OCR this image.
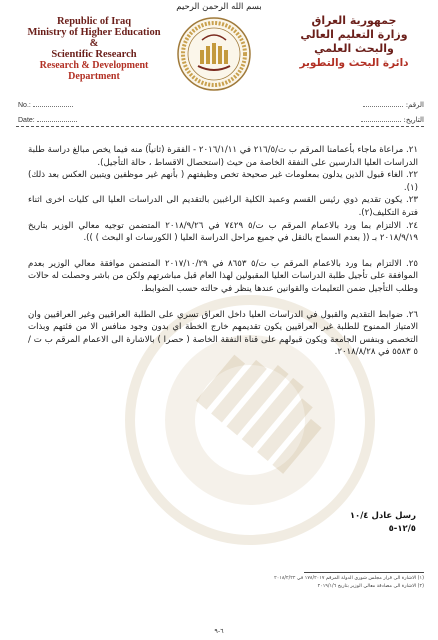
بسم الله الرحمن الرحيم
Republic of Iraq
Ministry of Higher Education &
Scientific Research
Research & Development
Department
جمهورية العراق
وزارة التعليم العالي والبحث العلمي
دائرة البحث والتطوير
No.:
Date:
الرقم:
التاريخ:

٢١. مراعاة ماجاء بأعمامنا المرقم ب ت/٢١٦/٥ في ٢٠١٦/١/١١ - الفقرة (ثانياً) منه فيما يخص مبالغ دراسة طلبة الدراسات العليا الدارسين على النفقة الخاصة من حيث (استحصال الاقساط ، حالة التأجيل).

٢٢. الغاء قبول الذين يدلون بمعلومات غير صحيحة تخص وظيفتهم ( بأنهم غير موظفين ويتبين العكس بعد ذلك)(١).

٢٣. يكون تقديم ذوي رئيس القسم وعميد الكلية الراغبين بالتقديم الى الدراسات العليا الى كليات اخرى اثناء فترة التكليف(٢).

٢٤. الالتزام بما ورد بالاعمام المرقم ب ت/٥ ٧٤٢٩ في ٢٠١٨/٩/٢٦ المتضمن توجيه معالي الوزير بتاريخ ٢٠١٨/٩/١٩ بـ (( بعدم السماح بالنقل في جميع مراحل الدراسة العليا ( الكورسات او البحث ) )).

٢٥. الالتزام بما ورد بالاعمام المرقم ب ت/٥ ٨٦٥٣ في ٢٠١٧/١٠/٢٩ المتضمن موافقة معالي الوزير بعدم الموافقة على تأجيل طلبة الدراسات العليا المقبولين لهذا العام قبل مباشرتهم ولكن من باشر وحصلت له حالات وطلب التأجيل ضمن التعليمات والقوانين عندها ينظر في حالته حسب الضوابط.

٢٦. ضوابط التقديم والقبول في الدراسات العليا داخل العراق تسري على الطلبة العراقيين وغير العراقيين وان الامتياز الممنوح للطلبة غير العراقيين يكون تقديمهم خارج الخطة اي بدون وجود منافس الا من فئتهم وبذات التخصص وبنفس الجامعة ويكون قبولهم على قناة النفقة الخاصة ( حصرا ) بالاشارة الى الاعمام المرقم ب ت /٥ ٥٥٨٣ في ٢٠١٨/٨/٢٨.

رسل عادل ١٠/٤
١٢/٥-٥
(١) الاشارة الى قرار مجلس شورى الدولة المرقم ١٧٨/٢٠١٧ في ٢٠١٨/٢/٢٢
(٢) الاشارة الى مصادقة معالي الوزير بتاريخ ٢٠١٩/١/٦
٦-٩
